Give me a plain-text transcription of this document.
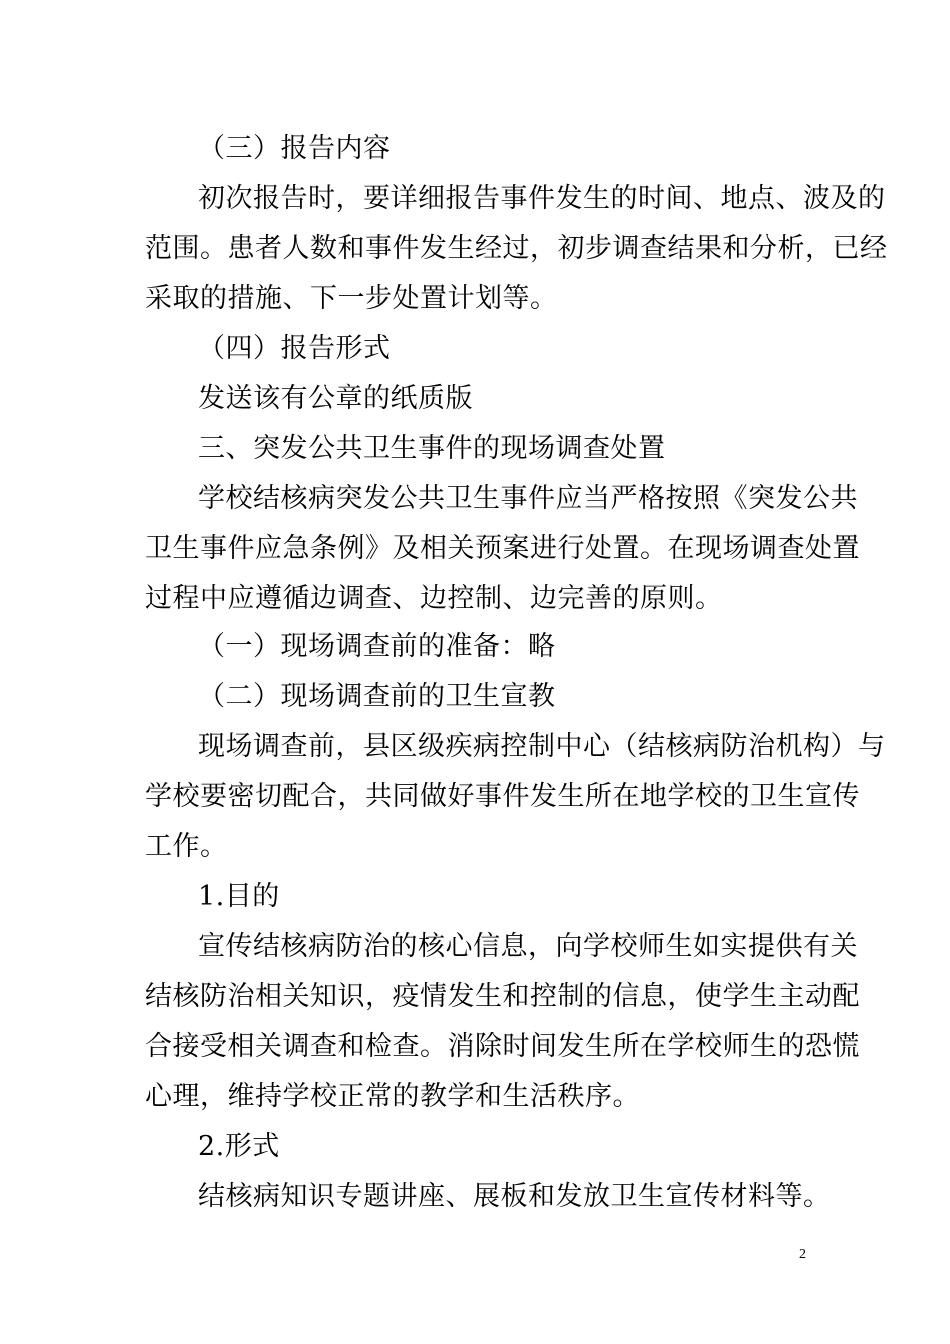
（三）报告内容
初次报告时，要详细报告事件发生的时间、地点、波及的
范围。患者人数和事件发生经过，初步调查结果和分析，已经
采取的措施、下一步处置计划等。
（四）报告形式
发送该有公章的纸质版
三、突发公共卫生事件的现场调查处置
学校结核病突发公共卫生事件应当严格按照《突发公共
卫生事件应急条例》及相关预案进行处置。在现场调查处置
过程中应遵循边调查、边控制、边完善的原则。
（一）现场调查前的准备：略
（二）现场调查前的卫生宣教
现场调查前，县区级疾病控制中心（结核病防治机构）与
学校要密切配合，共同做好事件发生所在地学校的卫生宣传
工作。
1.目的
宣传结核病防治的核心信息，向学校师生如实提供有关
结核防治相关知识，疫情发生和控制的信息，使学生主动配
合接受相关调查和检查。消除时间发生所在学校师生的恐慌
心理，维持学校正常的教学和生活秩序。
2.形式
结核病知识专题讲座、展板和发放卫生宣传材料等。
2
